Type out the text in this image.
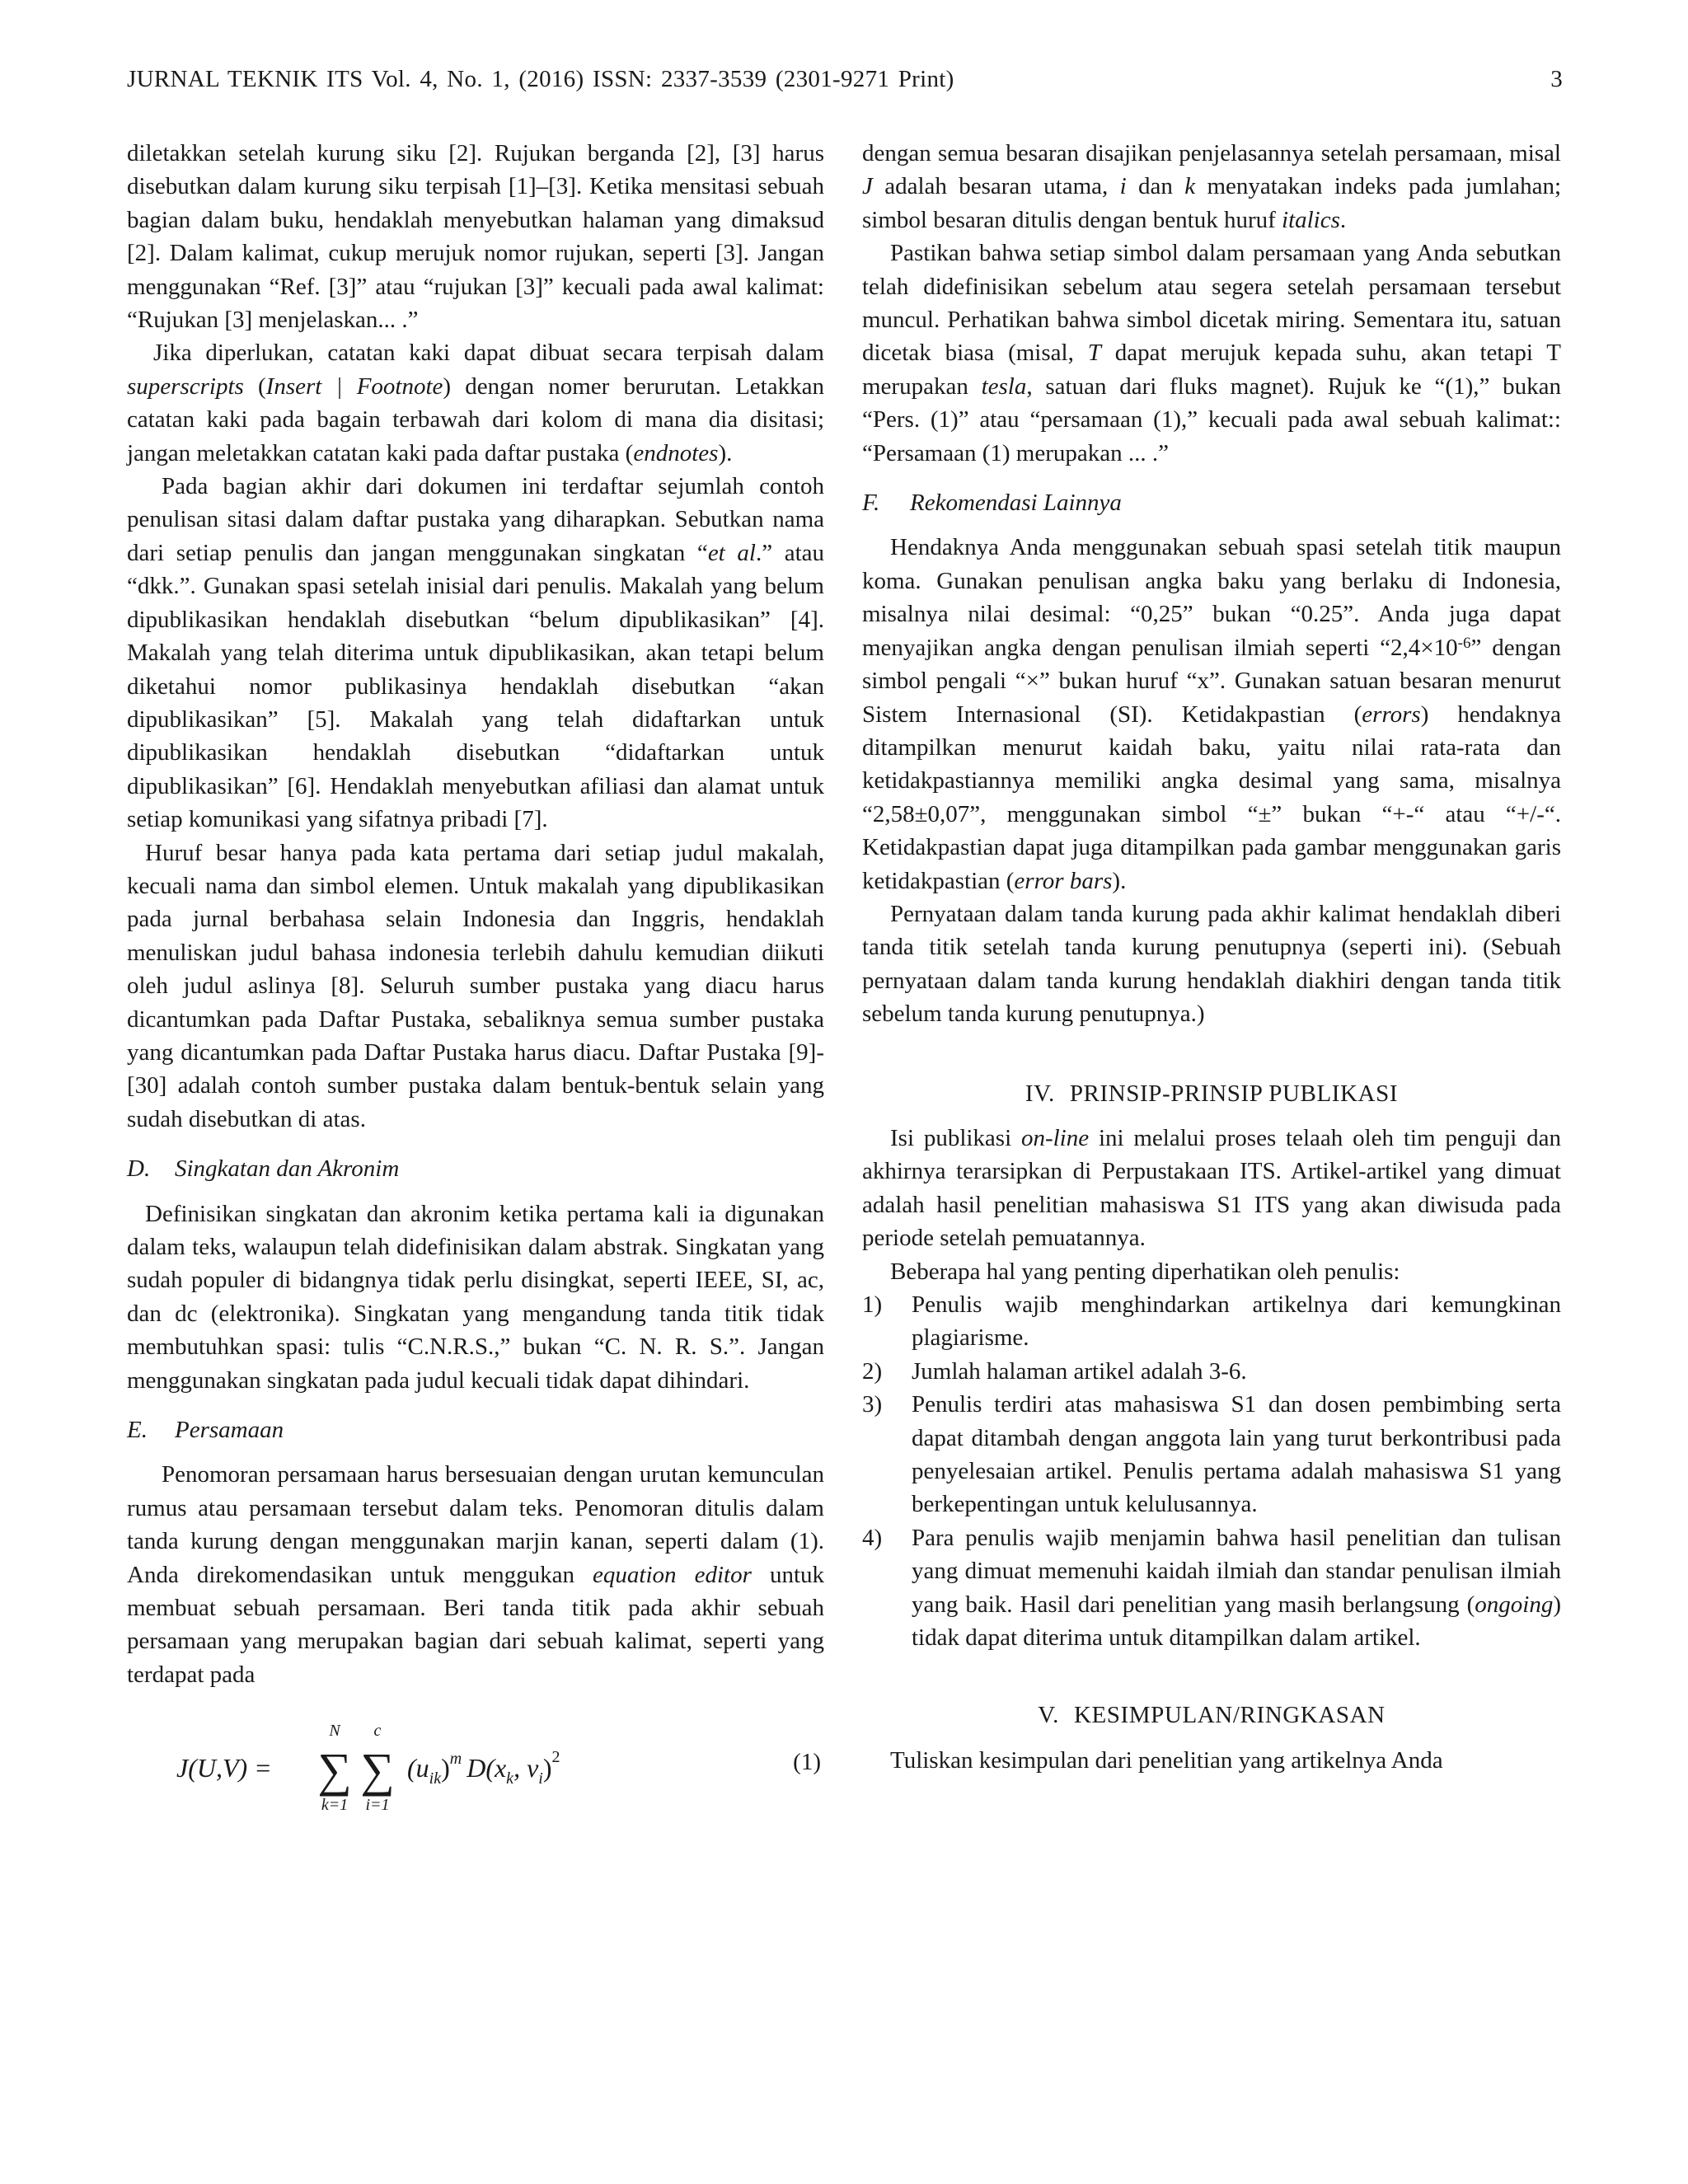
JURNAL TEKNIK ITS Vol. 4, No. 1, (2016) ISSN: 2337-3539 (2301-9271 Print)	3

diletakkan setelah kurung siku [2]. Rujukan berganda [2], [3] harus disebutkan dalam kurung siku terpisah [1]–[3]. Ketika mensitasi sebuah bagian dalam buku, hendaklah menyebutkan halaman yang dimaksud [2]. Dalam kalimat, cukup merujuk nomor rujukan, seperti [3]. Jangan menggunakan “Ref. [3]” atau “rujukan [3]” kecuali pada awal kalimat: “Rujukan [3] menjelaskan... .”

Jika diperlukan, catatan kaki dapat dibuat secara terpisah dalam superscripts (Insert | Footnote) dengan nomer berurutan. Letakkan catatan kaki pada bagain terbawah dari kolom di mana dia disitasi; jangan meletakkan catatan kaki pada daftar pustaka (endnotes).

Pada bagian akhir dari dokumen ini terdaftar sejumlah contoh penulisan sitasi dalam daftar pustaka yang diharapkan. Sebutkan nama dari setiap penulis dan jangan menggunakan singkatan “et al.” atau “dkk.”. Gunakan spasi setelah inisial dari penulis. Makalah yang belum dipublikasikan hendaklah disebutkan “belum dipublikasikan” [4]. Makalah yang telah diterima untuk dipublikasikan, akan tetapi belum diketahui nomor publikasinya hendaklah disebutkan “akan dipublikasikan” [5]. Makalah yang telah didaftarkan untuk dipublikasikan hendaklah disebutkan “didaftarkan untuk dipublikasikan” [6]. Hendaklah menyebutkan afiliasi dan alamat untuk setiap komunikasi yang sifatnya pribadi [7].

Huruf besar hanya pada kata pertama dari setiap judul makalah, kecuali nama dan simbol elemen. Untuk makalah yang dipublikasikan pada jurnal berbahasa selain Indonesia dan Inggris, hendaklah menuliskan judul bahasa indonesia terlebih dahulu kemudian diikuti oleh judul aslinya [8]. Seluruh sumber pustaka yang diacu harus dicantumkan pada Daftar Pustaka, sebaliknya semua sumber pustaka yang dicantumkan pada Daftar Pustaka harus diacu. Daftar Pustaka [9]-[30] adalah contoh sumber pustaka dalam bentuk-bentuk selain yang sudah disebutkan di atas.

D. Singkatan dan Akronim

Definisikan singkatan dan akronim ketika pertama kali ia digunakan dalam teks, walaupun telah didefinisikan dalam abstrak. Singkatan yang sudah populer di bidangnya tidak perlu disingkat, seperti IEEE, SI, ac, dan dc (elektronika). Singkatan yang mengandung tanda titik tidak membutuhkan spasi: tulis “C.N.R.S.,” bukan “C. N. R. S.”. Jangan menggunakan singkatan pada judul kecuali tidak dapat dihindari.

E. Persamaan

Penomoran persamaan harus bersesuaian dengan urutan kemunculan rumus atau persamaan tersebut dalam teks. Penomoran ditulis dalam tanda kurung dengan menggunakan marjin kanan, seperti dalam (1). Anda direkomendasikan untuk menggukan equation editor untuk membuat sebuah persamaan. Beri tanda titik pada akhir sebuah persamaan yang merupakan bagian dari sebuah kalimat, seperti yang terdapat pada

J(U,V) =
N
∑
k=1
c
∑
i=1
$(u_{ik})^m$ $D(x_k$, $v_i)^2$	(1)

dengan semua besaran disajikan penjelasannya setelah persamaan, misal J adalah besaran utama, i dan k menyatakan indeks pada jumlahan; simbol besaran ditulis dengan bentuk huruf italics.

Pastikan bahwa setiap simbol dalam persamaan yang Anda sebutkan telah didefinisikan sebelum atau segera setelah persamaan tersebut muncul. Perhatikan bahwa simbol dicetak miring. Sementara itu, satuan dicetak biasa (misal, T dapat merujuk kepada suhu, akan tetapi T merupakan tesla, satuan dari fluks magnet). Rujuk ke “(1),” bukan “Pers. (1)” atau “persamaan (1),” kecuali pada awal sebuah kalimat:: “Persamaan (1) merupakan ... .”

F. Rekomendasi Lainnya

Hendaknya Anda menggunakan sebuah spasi setelah titik maupun koma. Gunakan penulisan angka baku yang berlaku di Indonesia, misalnya nilai desimal: “0,25” bukan “0.25”. Anda juga dapat menyajikan angka dengan penulisan ilmiah seperti “$2,4\times 10^{-6}$” dengan simbol pengali “×” bukan huruf “x”. Gunakan satuan besaran menurut Sistem Internasional (SI). Ketidakpastian (errors) hendaknya ditampilkan menurut kaidah baku, yaitu nilai rata-rata dan ketidakpastiannya memiliki angka desimal yang sama, misalnya “2,58±0,07”, menggunakan simbol “±” bukan “+-“ atau “+/-“. Ketidakpastian dapat juga ditampilkan pada gambar menggunakan garis ketidakpastian (error bars).

Pernyataan dalam tanda kurung pada akhir kalimat hendaklah diberi tanda titik setelah tanda kurung penutupnya (seperti ini). (Sebuah pernyataan dalam tanda kurung hendaklah diakhiri dengan tanda titik sebelum tanda kurung penutupnya.)

IV. PRINSIP-PRINSIP PUBLIKASI

Isi publikasi on-line ini melalui proses telaah oleh tim penguji dan akhirnya terarsipkan di Perpustakaan ITS. Artikel-artikel yang dimuat adalah hasil penelitian mahasiswa S1 ITS yang akan diwisuda pada periode setelah pemuatannya.

Beberapa hal yang penting diperhatikan oleh penulis:

1) Penulis wajib menghindarkan artikelnya dari kemungkinan plagiarisme.
2) Jumlah halaman artikel adalah 3-6.
3) Penulis terdiri atas mahasiswa S1 dan dosen pembimbing serta dapat ditambah dengan anggota lain yang turut berkontribusi pada penyelesaian artikel. Penulis pertama adalah mahasiswa S1 yang berkepentingan untuk kelulusannya.
4) Para penulis wajib menjamin bahwa hasil penelitian dan tulisan yang dimuat memenuhi kaidah ilmiah dan standar penulisan ilmiah yang baik. Hasil dari penelitian yang masih berlangsung (ongoing) tidak dapat diterima untuk ditampilkan dalam artikel.
V. KESIMPULAN/RINGKASAN

Tuliskan kesimpulan dari penelitian yang artikelnya Anda
